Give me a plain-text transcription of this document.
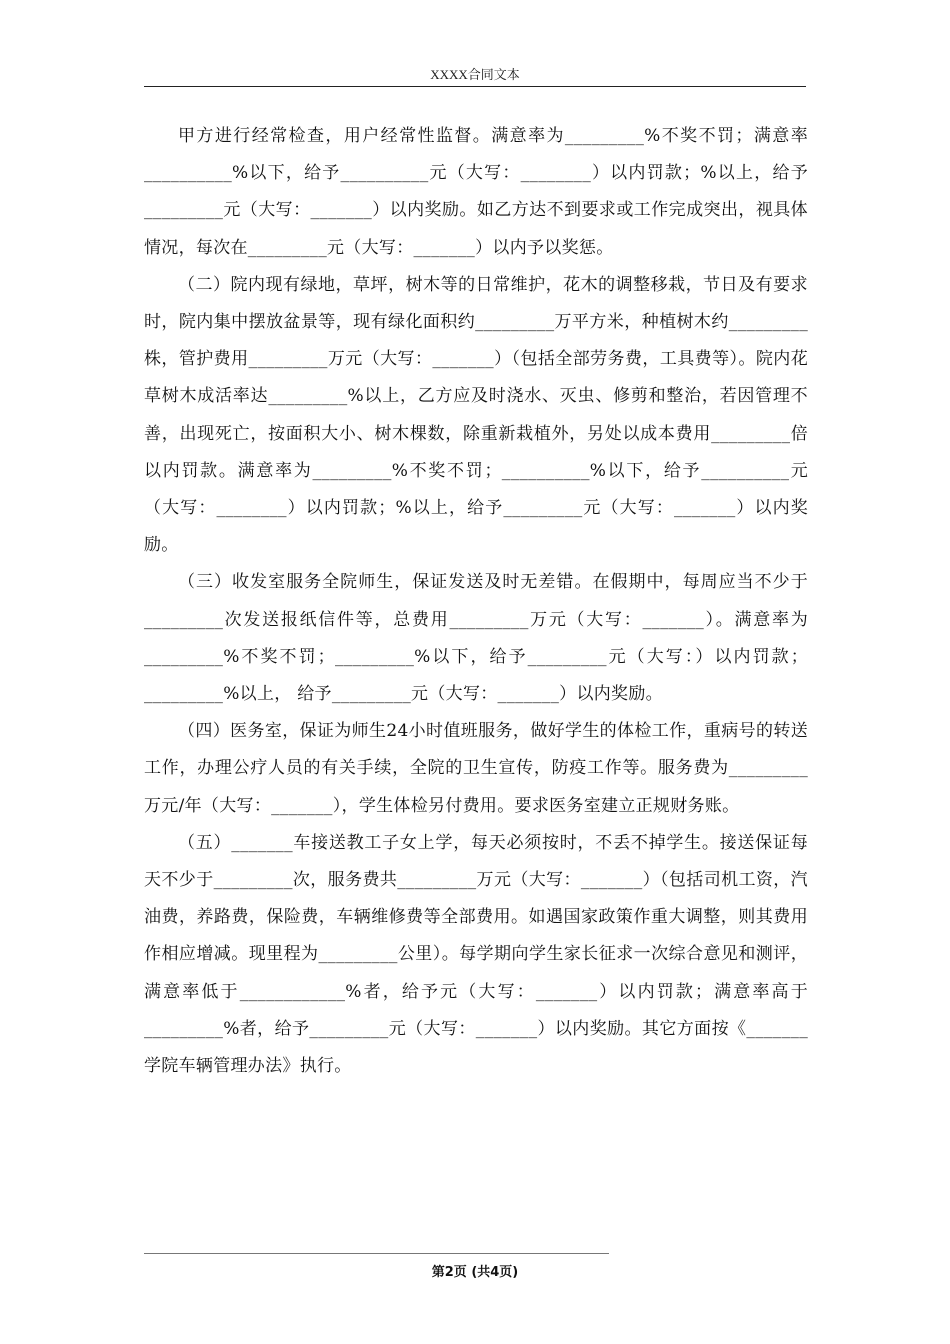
XXXX合同文本

甲方进行经常检查，用户经常性监督。满意率为_________%不奖不罚；满意率__________%以下，给予__________元（大写：________）以内罚款；%以上，给予_________元（大写：_______）以内奖励。如乙方达不到要求或工作完成突出，视具体情况，每次在_________元（大写：_______）以内予以奖惩。

（二）院内现有绿地，草坪，树木等的日常维护，花木的调整移栽，节日及有要求时，院内集中摆放盆景等，现有绿化面积约_________万平方米，种植树木约_________株，管护费用_________万元（大写：_______）（包括全部劳务费，工具费等）。院内花草树木成活率达_________%以上，乙方应及时浇水、灭虫、修剪和整治，若因管理不善，出现死亡，按面积大小、树木棵数，除重新栽植外，另处以成本费用_________倍以内罚款。满意率为_________%不奖不罚；__________%以下，给予__________元（大写：________）以内罚款；%以上，给予_________元（大写：_______）以内奖励。

（三）收发室服务全院师生，保证发送及时无差错。在假期中，每周应当不少于_________次发送报纸信件等，总费用_________万元（大写：_______）。满意率为_________%不奖不罚；_________%以下，给予_________元（大写：）以内罚款；_________%以上， 给予_________元（大写：_______）以内奖励。

（四）医务室，保证为师生24小时值班服务，做好学生的体检工作，重病号的转送工作，办理公疗人员的有关手续，全院的卫生宣传，防疫工作等。服务费为_________万元/年（大写：_______），学生体检另付费用。要求医务室建立正规财务账。

（五）_______车接送教工子女上学，每天必须按时，不丢不掉学生。接送保证每天不少于_________次，服务费共_________万元（大写：_______）（包括司机工资，汽油费，养路费，保险费，车辆维修费等全部费用。如遇国家政策作重大调整，则其费用作相应增减。现里程为_________公里）。每学期向学生家长征求一次综合意见和测评，满意率低于____________%者，给予元（大写：_______）以内罚款；满意率高于_________%者，给予_________元（大写：_______）以内奖励。其它方面按《_______学院车辆管理办法》执行。

第2页 (共4页)
